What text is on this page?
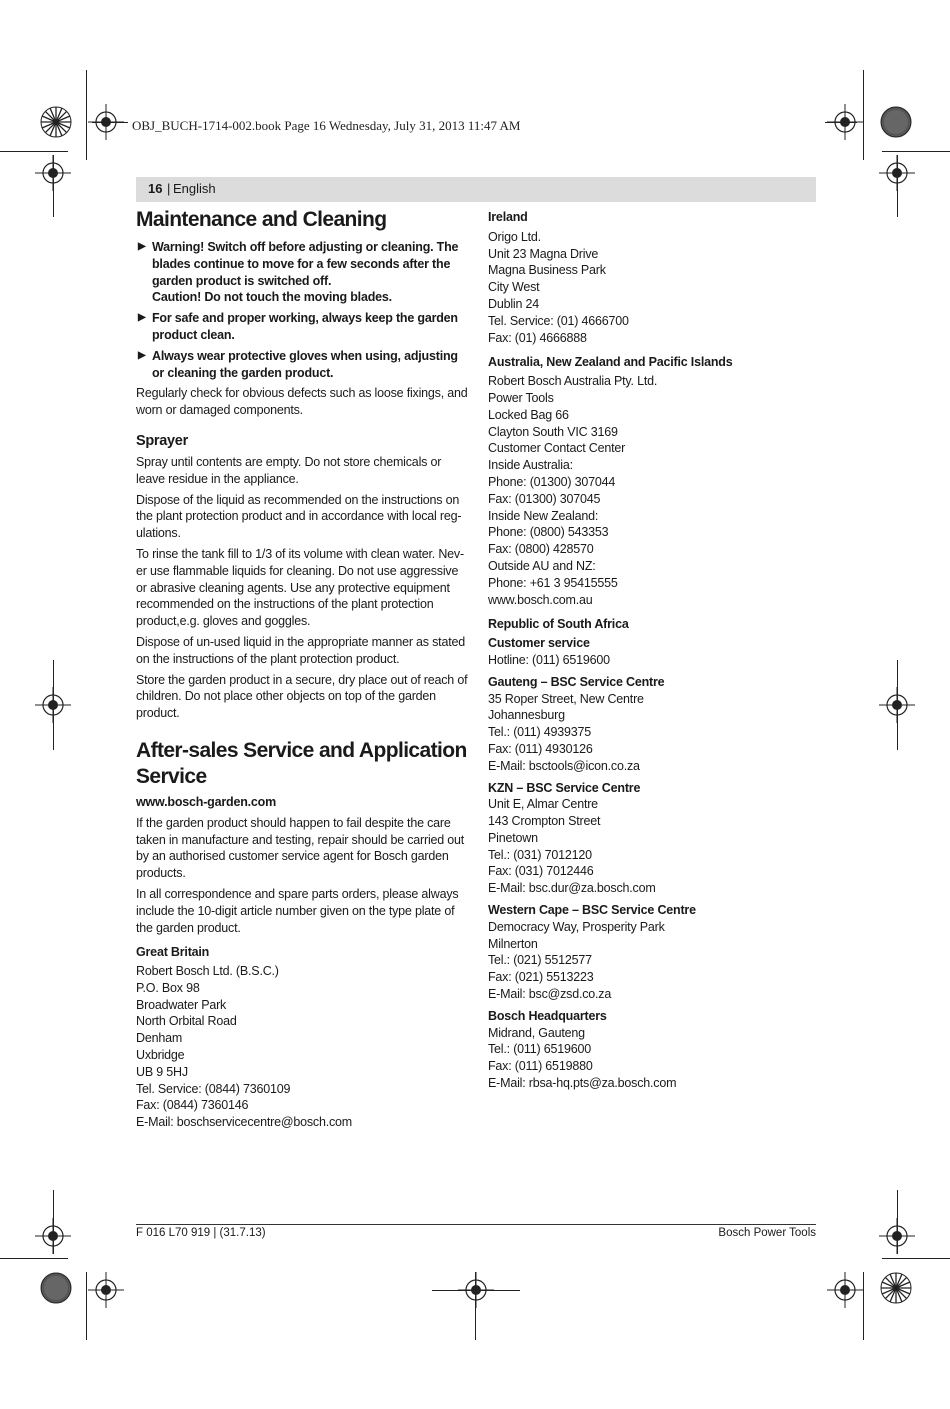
OBJ_BUCH-1714-002.book Page 16 Wednesday, July 31, 2013 11:47 AM
16 | English
Maintenance and Cleaning
▶ Warning! Switch off before adjusting or cleaning. The
blades continue to move for a few seconds after the
garden product is switched off.
Caution! Do not touch the moving blades.
▶ For safe and proper working, always keep the garden
product clean.
▶ Always wear protective gloves when using, adjusting
or cleaning the garden product.

Regularly check for obvious defects such as loose fixings, and
worn or damaged components.

Sprayer

Spray until contents are empty. Do not store chemicals or
leave residue in the appliance.

Dispose of the liquid as recommended on the instructions on
the plant protection product and in accordance with local reg-
ulations.

To rinse the tank fill to 1/3 of its volume with clean water. Nev-
er use flammable liquids for cleaning. Do not use aggressive
or abrasive cleaning agents. Use any protective equipment
recommended on the instructions of the plant protection
product,e.g. gloves and goggles.

Dispose of un-used liquid in the appropriate manner as stated
on the instructions of the plant protection product.

Store the garden product in a secure, dry place out of reach of
children. Do not place other objects on top of the garden
product.

After-sales Service and Application
Service

www.bosch-garden.com

If the garden product should happen to fail despite the care
taken in manufacture and testing, repair should be carried out
by an authorised customer service agent for Bosch garden
products.

In all correspondence and spare parts orders, please always
include the 10-digit article number given on the type plate of
the garden product.

Great Britain

Robert Bosch Ltd. (B.S.C.)
P.O. Box 98
Broadwater Park
North Orbital Road
Denham
Uxbridge
UB 9 5HJ
Tel. Service: (0844) 7360109
Fax: (0844) 7360146
E-Mail: boschservicecentre@bosch.com

Ireland

Origo Ltd.
Unit 23 Magna Drive
Magna Business Park
City West
Dublin 24
Tel. Service: (01) 4666700
Fax: (01) 4666888

Australia, New Zealand and Pacific Islands

Robert Bosch Australia Pty. Ltd.
Power Tools
Locked Bag 66
Clayton South VIC 3169
Customer Contact Center
Inside Australia:
Phone: (01300) 307044
Fax: (01300) 307045
Inside New Zealand:
Phone: (0800) 543353
Fax: (0800) 428570
Outside AU and NZ:
Phone: +61 3 95415555
www.bosch.com.au

Republic of South Africa

Customer service

Hotline: (011) 6519600

Gauteng – BSC Service Centre

35 Roper Street, New Centre
Johannesburg
Tel.: (011) 4939375
Fax: (011) 4930126
E-Mail: bsctools@icon.co.za

KZN – BSC Service Centre

Unit E, Almar Centre
143 Crompton Street
Pinetown
Tel.: (031) 7012120
Fax: (031) 7012446
E-Mail: bsc.dur@za.bosch.com

Western Cape – BSC Service Centre

Democracy Way, Prosperity Park
Milnerton
Tel.: (021) 5512577
Fax: (021) 5513223
E-Mail: bsc@zsd.co.za

Bosch Headquarters

Midrand, Gauteng
Tel.: (011) 6519600
Fax: (011) 6519880
E-Mail: rbsa-hq.pts@za.bosch.com

F 016 L70 919 | (31.7.13)	Bosch Power Tools
